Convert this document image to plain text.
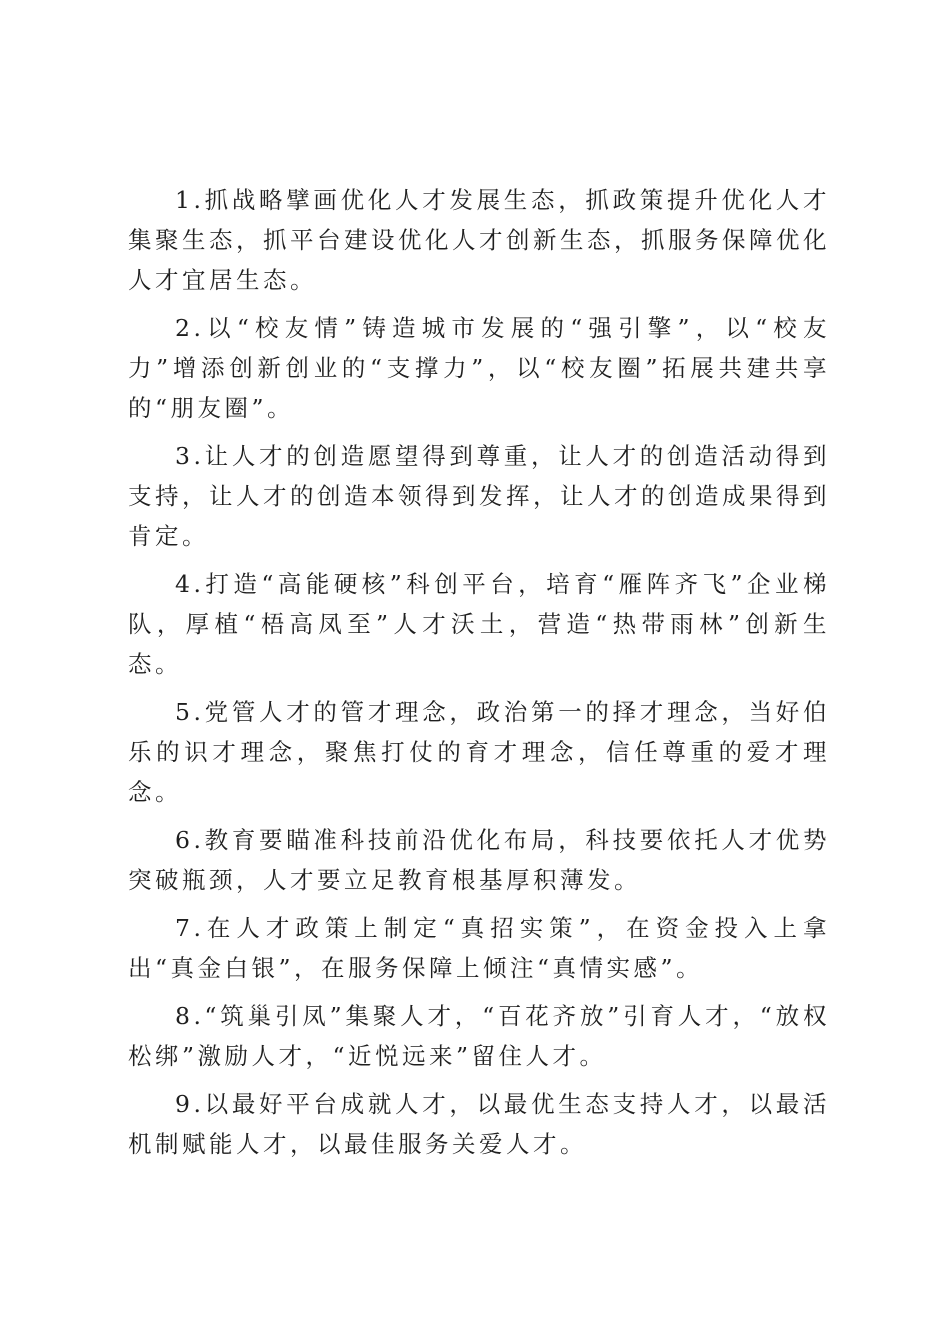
1.抓战略擘画优化人才发展生态，抓政策提升优化人才集聚生态，抓平台建设优化人才创新生态，抓服务保障优化人才宜居生态。

2.以“校友情”铸造城市发展的“强引擎”，以“校友力”增添创新创业的“支撑力”，以“校友圈”拓展共建共享的“朋友圈”。

3.让人才的创造愿望得到尊重，让人才的创造活动得到支持，让人才的创造本领得到发挥，让人才的创造成果得到肯定。

4.打造“高能硬核”科创平台，培育“雁阵齐飞”企业梯队，厚植“梧高凤至”人才沃土，营造“热带雨林”创新生态。

5.党管人才的管才理念，政治第一的择才理念，当好伯乐的识才理念，聚焦打仗的育才理念，信任尊重的爱才理念。

6.教育要瞄准科技前沿优化布局，科技要依托人才优势突破瓶颈，人才要立足教育根基厚积薄发。

7.在人才政策上制定“真招实策”，在资金投入上拿出“真金白银”，在服务保障上倾注“真情实感”。

8.“筑巢引凤”集聚人才，“百花齐放”引育人才，“放权松绑”激励人才，“近悦远来”留住人才。

9.以最好平台成就人才，以最优生态支持人才，以最活机制赋能人才，以最佳服务关爱人才。
